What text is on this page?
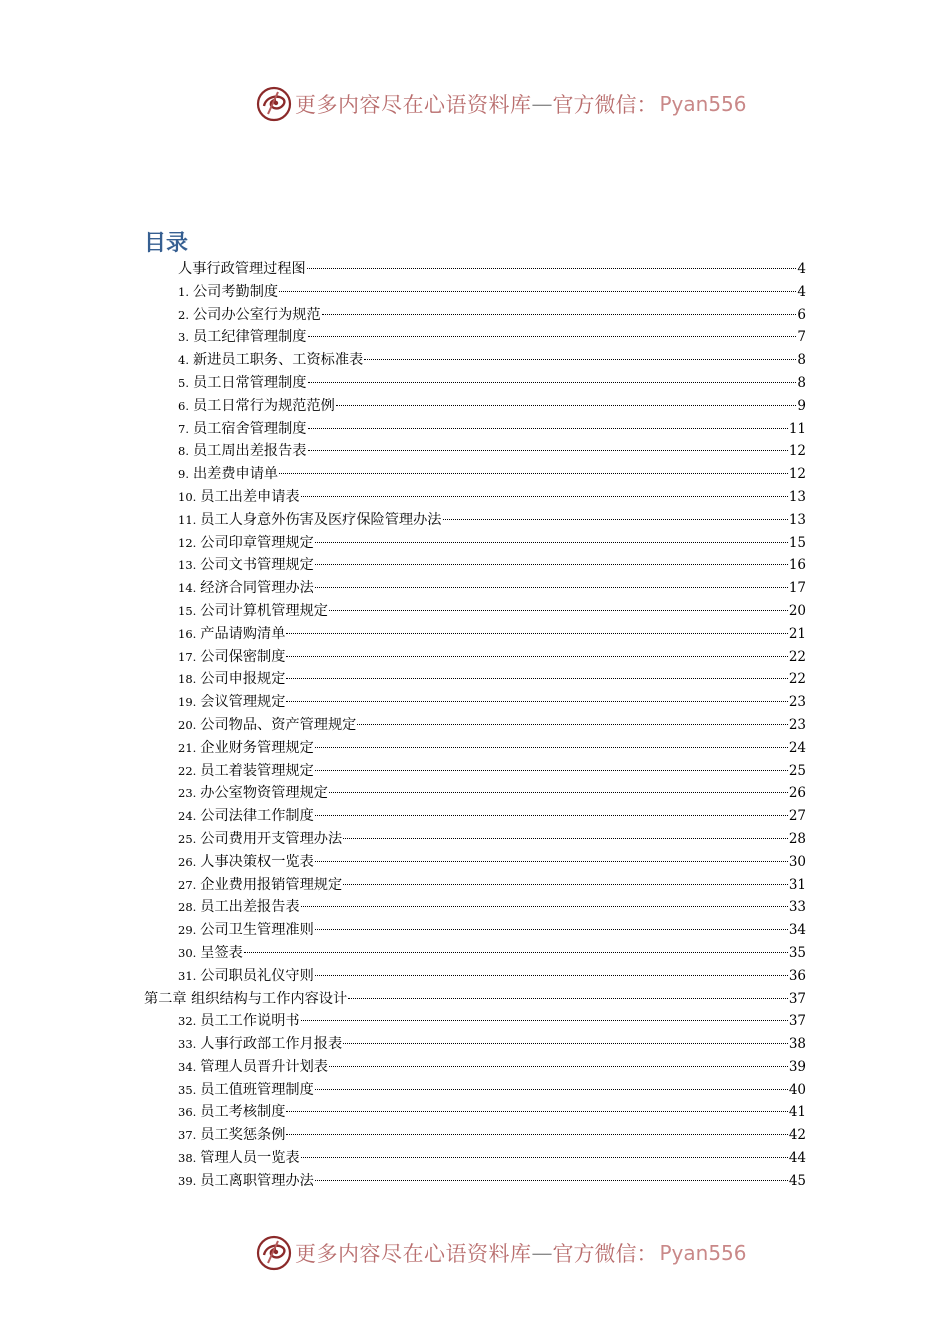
更多内容尽在心语资料库 — 官方微信： Pyan556
目录
人事行政管理过程图	4
1. 公司考勤制度	4
2. 公司办公室行为规范	6
3. 员工纪律管理制度	7
4. 新进员工职务、工资标准表	8
5. 员工日常管理制度	8
6. 员工日常行为规范范例	9
7. 员工宿舍管理制度	11
8. 员工周出差报告表	12
9. 出差费申请单	12
10. 员工出差申请表	13
11. 员工人身意外伤害及医疗保险管理办法	13
12. 公司印章管理规定	15
13. 公司文书管理规定	16
14. 经济合同管理办法	17
15. 公司计算机管理规定	20
16. 产品请购清单	21
17. 公司保密制度	22
18. 公司申报规定	22
19. 会议管理规定	23
20. 公司物品、资产管理规定	23
21. 企业财务管理规定	24
22. 员工着装管理规定	25
23. 办公室物资管理规定	26
24. 公司法律工作制度	27
25. 公司费用开支管理办法	28
26. 人事决策权一览表	30
27. 企业费用报销管理规定	31
28. 员工出差报告表	33
29. 公司卫生管理准则	34
30. 呈签表	35
31. 公司职员礼仪守则	36
第二章 组织结构与工作内容设计	37
32. 员工工作说明书	37
33. 人事行政部工作月报表	38
34. 管理人员晋升计划表	39
35. 员工值班管理制度	40
36. 员工考核制度	41
37. 员工奖惩条例	42
38. 管理人员一览表	44
39. 员工离职管理办法	45
更多内容尽在心语资料库 — 官方微信： Pyan556
